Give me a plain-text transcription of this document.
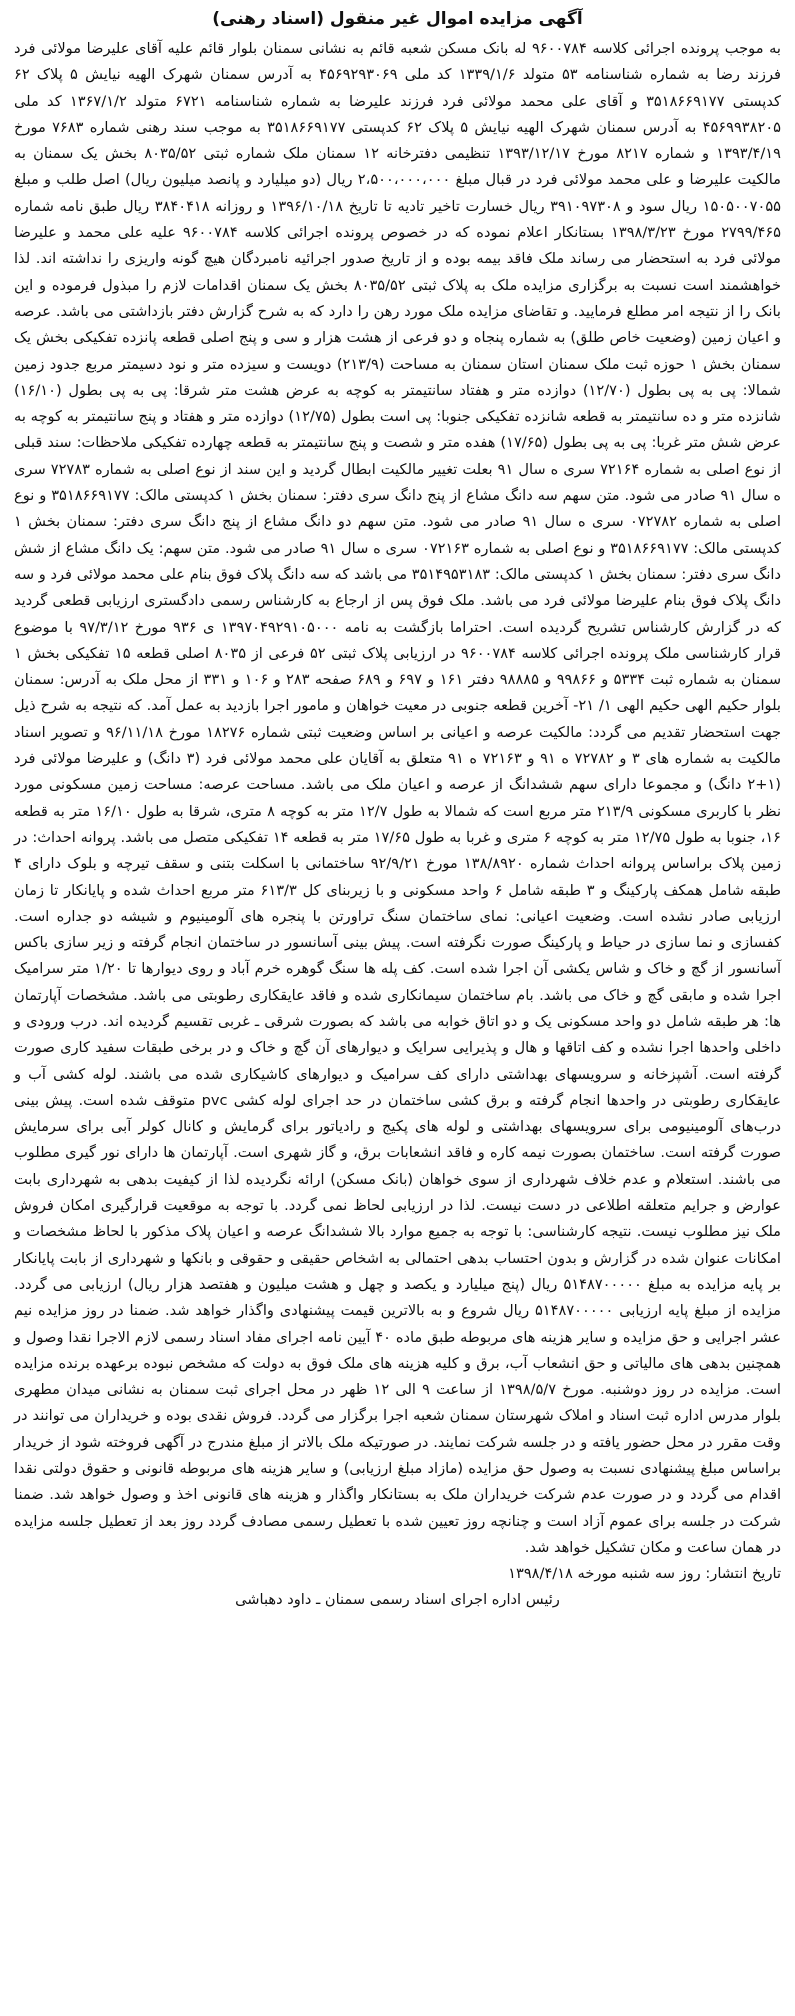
آگهی مزایده اموال غیر منقول (اسناد رهنی)

به موجب پرونده اجرائی کلاسه ۹۶۰۰۷۸۴ له بانک مسکن شعبه قائم به نشانی سمنان بلوار قائم علیه آقای علیرضا مولائی فرد فرزند رضا به شماره شناسنامه ۵۳ متولد ۱۳۳۹/۱/۶ کد ملی ۴۵۶۹۲۹۳۰۶۹ به آدرس سمنان شهرک الهیه نیایش ۵ پلاک ۶۲ کدپستی ۳۵۱۸۶۶۹۱۷۷ و آقای علی محمد مولائی فرد فرزند علیرضا به شماره شناسنامه ۶۷۲۱ متولد ۱۳۶۷/۱/۲ کد ملی ۴۵۶۹۹۳۸۲۰۵ به آدرس سمنان شهرک الهیه نیایش ۵ پلاک ۶۲ کدپستی ۳۵۱۸۶۶۹۱۷۷ به موجب سند رهنی شماره ۷۶۸۳ مورخ ۱۳۹۳/۴/۱۹ و شماره ۸۲۱۷ مورخ ۱۳۹۳/۱۲/۱۷ تنظیمی دفترخانه ۱۲ سمنان ملک شماره ثبتی ۸۰۳۵/۵۲ بخش یک سمنان به مالکیت علیرضا و علی محمد مولائی فرد در قبال مبلغ ۲،۵۰۰،۰۰۰،۰۰۰ ریال (دو میلیارد و پانصد میلیون ریال) اصل طلب و مبلغ ۱۵۰۵۰۰۷۰۵۵ ریال سود و ۳۹۱۰۹۷۳۰۸ ریال خسارت تاخیر تادیه تا تاریخ ۱۳۹۶/۱۰/۱۸ و روزانه ۳۸۴۰۴۱۸ ریال طبق نامه شماره ۲۷۹۹/۴۶۵ مورخ ۱۳۹۸/۳/۲۳ بستانکار اعلام نموده که در خصوص پرونده اجرائی کلاسه ۹۶۰۰۷۸۴ علیه علی محمد و علیرضا مولائی فرد به استحضار می رساند ملک فاقد بیمه بوده و از تاریخ صدور اجرائیه نامبردگان هیچ گونه واریزی را نداشته اند. لذا خواهشمند است نسبت به برگزاری مزایده ملک به پلاک ثبتی ۸۰۳۵/۵۲ بخش یک سمنان اقدامات لازم را مبذول فرموده و این بانک را از نتیجه امر مطلع فرمایید. و تقاضای مزایده ملک مورد رهن را دارد که به شرح گزارش دفتر بازداشتی می باشد. عرصه و اعیان زمین (وضعیت خاص طلق) به شماره پنجاه و دو فرعی از هشت هزار و سی و پنج اصلی قطعه پانزده تفکیکی بخش یک سمنان بخش ۱ حوزه ثبت ملک سمنان استان سمنان به مساحت (۲۱۳/۹) دویست و سیزده متر و نود دسیمتر مربع جدود زمین شمالا: پی به پی بطول (۱۲/۷۰) دوازده متر و هفتاد سانتیمتر به کوچه به عرض هشت متر شرقا: پی به پی بطول (۱۶/۱۰) شانزده متر و ده سانتیمتر به قطعه شانزده تفکیکی جنوبا: پی است بطول (۱۲/۷۵) دوازده متر و هفتاد و پنج سانتیمتر به کوچه به عرض شش متر غربا: پی به پی بطول (۱۷/۶۵) هفده متر و شصت و پنج سانتیمتر به قطعه چهارده تفکیکی ملاحظات: سند قبلی از نوع اصلی به شماره ۷۲۱۶۴ سری ه سال ۹۱ بعلت تغییر مالکیت ابطال گردید و این سند از نوع اصلی به شماره ۷۲۷۸۳ سری ه سال ۹۱ صادر می شود. متن سهم سه دانگ مشاع از پنج دانگ سری دفتر: سمنان بخش ۱ کدپستی مالک: ۳۵۱۸۶۶۹۱۷۷ و نوع اصلی به شماره ۰۷۲۷۸۲ سری ه سال ۹۱ صادر می شود. متن سهم دو دانگ مشاع از پنج دانگ سری دفتر: سمنان بخش ۱ کدپستی مالک: ۳۵۱۸۶۶۹۱۷۷ و نوع اصلی به شماره ۰۷۲۱۶۳ سری ه سال ۹۱ صادر می شود. متن سهم: یک دانگ مشاع از شش دانگ سری دفتر: سمنان بخش ۱ کدپستی مالک: ۳۵۱۴۹۵۳۱۸۳ می باشد که سه دانگ پلاک فوق بنام علی محمد مولائی فرد و سه دانگ پلاک فوق بنام علیرضا مولائی فرد می باشد. ملک فوق پس از ارجاع به کارشناس رسمی دادگستری ارزیابی قطعی گردید که در گزارش کارشناس تشریح گردیده است. احتراما بازگشت به نامه ۱۳۹۷۰۴۹۲۹۱۰۵۰۰۰ ی ۹۳۶ مورخ ۹۷/۳/۱۲ با موضوع قرار کارشناسی ملک پرونده اجرائی کلاسه ۹۶۰۰۷۸۴ در ارزیابی پلاک ثبتی ۵۲ فرعی از ۸۰۳۵ اصلی قطعه ۱۵ تفکیکی بخش ۱ سمنان به شماره ثبت ۵۳۳۴ و ۹۹۸۶۶ و ۹۸۸۸۵ دفتر ۱۶۱ و ۶۹۷ و ۶۸۹ صفحه ۲۸۳ و ۱۰۶ و ۳۳۱ از محل ملک به آدرس: سمنان بلوار حکیم الهی حکیم الهی ۱/ ۲۱- آخرین قطعه جنوبی در معیت خواهان و مامور اجرا بازدید به عمل آمد. که نتیجه به شرح ذیل جهت استحضار تقدیم می گردد: مالکیت عرصه و اعیانی بر اساس وضعیت ثبتی شماره ۱۸۲۷۶ مورخ ۹۶/۱۱/۱۸ و تصویر اسناد مالکیت به شماره های ۳ و ۷۲۷۸۲ ه ۹۱ و ۷۲۱۶۳ ه ۹۱ متعلق به آقایان علی محمد مولائی فرد (۳ دانگ) و علیرضا مولائی فرد (۱+۲ دانگ) و مجموعا دارای سهم ششدانگ از عرصه و اعیان ملک می باشد. مساحت عرصه: مساحت زمین مسکونی مورد نظر با کاربری مسکونی ۲۱۳/۹ متر مربع است که شمالا به طول ۱۲/۷ متر به کوچه ۸ متری، شرقا به طول ۱۶/۱۰ متر به قطعه ۱۶، جنوبا به طول ۱۲/۷۵ متر به کوچه ۶ متری و غربا به طول ۱۷/۶۵ متر به قطعه ۱۴ تفکیکی متصل می باشد. پروانه احداث: در زمین پلاک براساس پروانه احداث شماره ۱۳۸/۸۹۲۰ مورخ ۹۲/۹/۲۱ ساختمانی با اسکلت بتنی و سقف تیرچه و بلوک دارای ۴ طبقه شامل همکف پارکینگ و ۳ طبقه شامل ۶ واحد مسکونی و با زیربنای کل ۶۱۳/۳ متر مربع احداث شده و پایانکار تا زمان ارزیابی صادر نشده است. وضعیت اعیانی: نمای ساختمان سنگ تراورتن با پنجره های آلومینیوم و شیشه دو جداره است. کفسازی و نما سازی در حیاط و پارکینگ صورت نگرفته است. پیش بینی آسانسور در ساختمان انجام گرفته و زیر سازی باکس آسانسور از گچ و خاک و شاس یکشی آن اجرا شده است. کف پله ها سنگ گوهره خرم آباد و روی دیوارها تا ۱/۲۰ متر سرامیک اجرا شده و مابقی گچ و خاک می باشد. بام ساختمان سیمانکاری شده و فاقد عایقکاری رطوبتی می باشد. مشخصات آپارتمان ها: هر طبقه شامل دو واحد مسکونی یک و دو اتاق خوابه می باشد که بصورت شرقی ـ غربی تقسیم گردیده اند. درب ورودی و داخلی واحدها اجرا نشده و کف اتاقها و هال و پذیرایی سرایک و دیوارهای آن گچ و خاک و در برخی طبقات سفید کاری صورت گرفته است. آشپزخانه و سرویسهای بهداشتی دارای کف سرامیک و دیوارهای کاشیکاری شده می باشند. لوله کشی آب و عایقکاری رطوبتی در واحدها انجام گرفته و برق کشی ساختمان در حد اجرای لوله کشی pvc متوقف شده است. پیش بینی درب‌های آلومینیومی برای سرویسهای بهداشتی و لوله های پکیج و رادیاتور برای گرمایش و کانال کولر آبی برای سرمایش صورت گرفته است. ساختمان بصورت نیمه کاره و فاقد انشعابات برق، و گاز شهری است. آپارتمان ها دارای نور گیری مطلوب می باشند. استعلام و عدم خلاف شهرداری از سوی خواهان (بانک مسکن) ارائه نگردیده لذا از کیفیت بدهی به شهرداری بابت عوارض و جرایم متعلقه اطلاعی در دست نیست. لذا در ارزیابی لحاظ نمی گردد. با توجه به موقعیت قرارگیری امکان فروش ملک نیز مطلوب نیست. نتیجه کارشناسی: با توجه به جمیع موارد بالا ششدانگ عرصه و اعیان پلاک مذکور با لحاظ مشخصات و امکانات عنوان شده در گزارش و بدون احتساب بدهی احتمالی به اشخاص حقیقی و حقوقی و بانکها و شهرداری از بابت پایانکار بر پایه مزایده به مبلغ ۵۱۴۸۷۰۰۰۰۰ ریال (پنج میلیارد و یکصد و چهل و هشت میلیون و هفتصد هزار ریال) ارزیابی می گردد. مزایده از مبلغ پایه ارزیابی ۵۱۴۸۷۰۰۰۰۰ ریال شروع و به بالاترین قیمت پیشنهادی واگذار خواهد شد. ضمنا در روز مزایده نیم عشر اجرایی و حق مزایده و سایر هزینه های مربوطه طبق ماده ۴۰ آیین نامه اجرای مفاد اسناد رسمی لازم الاجرا نقدا وصول و همچنین بدهی های مالیاتی و حق انشعاب آب، برق و کلیه هزینه های ملک فوق به دولت که مشخص نبوده برعهده برنده مزایده است. مزایده در روز دوشنبه. مورخ ۱۳۹۸/۵/۷ از ساعت ۹ الی ۱۲ ظهر در محل اجرای ثبت سمنان به نشانی میدان مطهری بلوار مدرس اداره ثبت اسناد و املاک شهرستان سمنان شعبه اجرا برگزار می گردد. فروش نقدی بوده و خریداران می توانند در وقت مقرر در محل حضور یافته و در جلسه شرکت نمایند. در صورتیکه ملک بالاتر از مبلغ مندرج در آگهی فروخته شود از خریدار براساس مبلغ پیشنهادی نسبت به وصول حق مزایده (مازاد مبلغ ارزیابی) و سایر هزینه های مربوطه قانونی و حقوق دولتی نقدا اقدام می گردد و در صورت عدم شرکت خریداران ملک به بستانکار واگذار و هزینه های قانونی اخذ و وصول خواهد شد. ضمنا شرکت در جلسه برای عموم آزاد است و چنانچه روز تعیین شده با تعطیل رسمی مصادف گردد روز بعد از تعطیل جلسه مزایده در همان ساعت و مکان تشکیل خواهد شد.

تاریخ انتشار: روز سه شنبه مورخه ۱۳۹۸/۴/۱۸

رئیس اداره اجرای اسناد رسمی سمنان ـ داود دهباشی
